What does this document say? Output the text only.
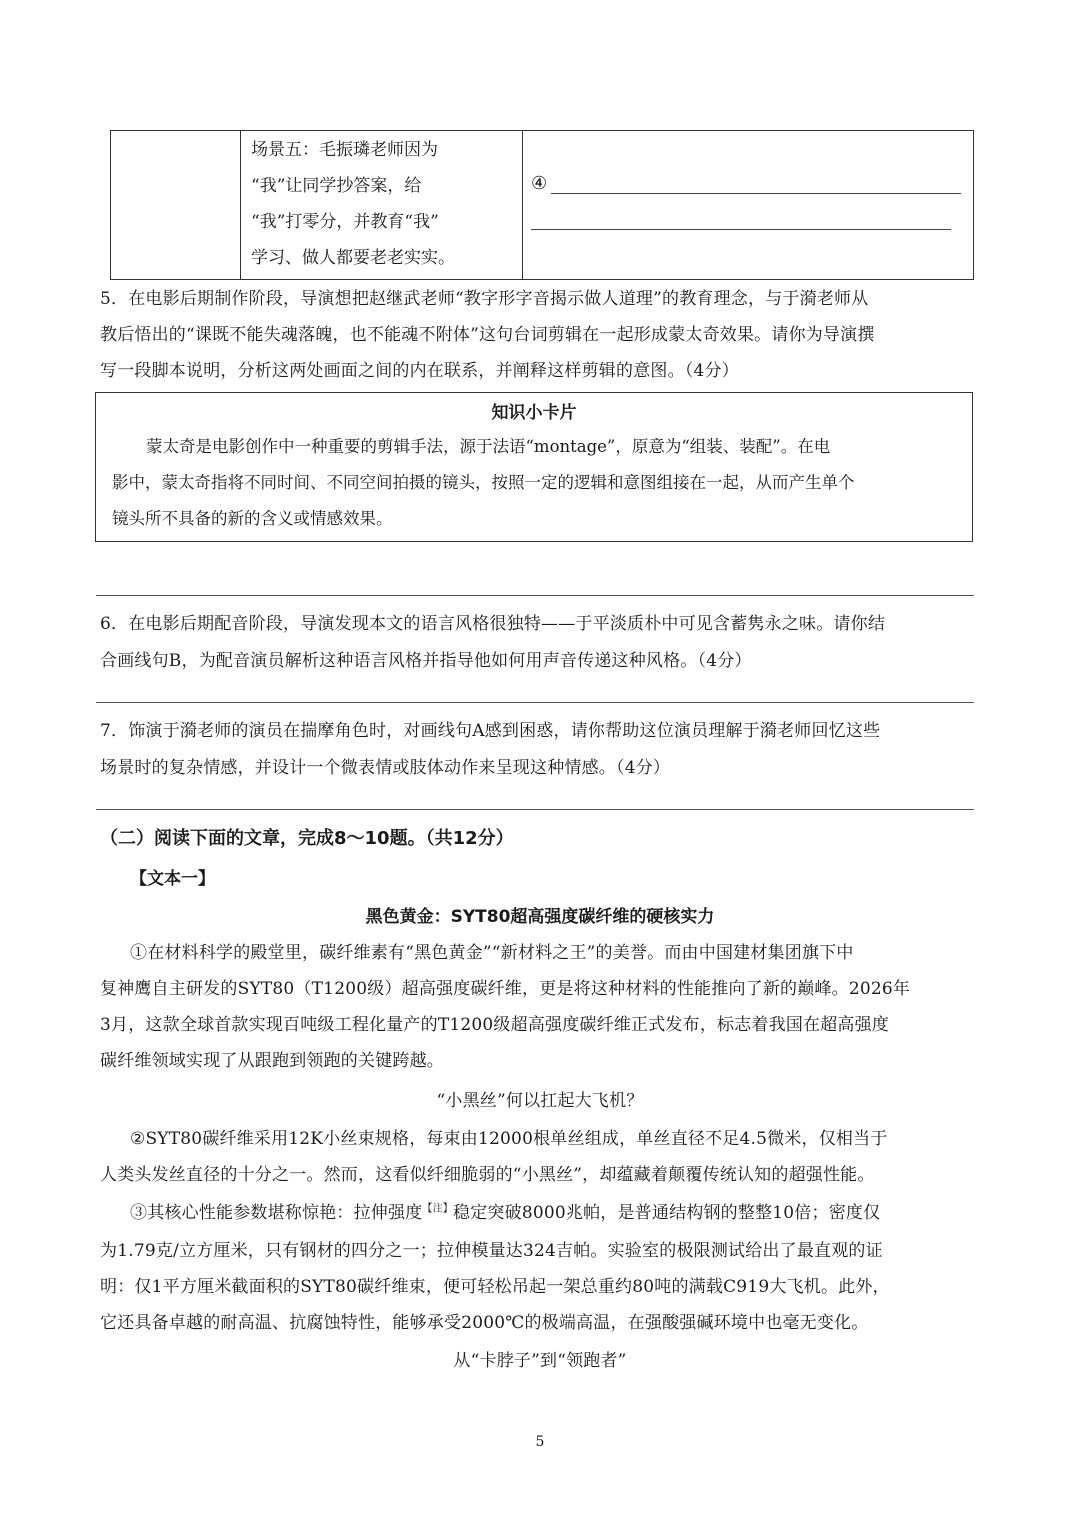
场景五：毛振璘老师因为
“我”让同学抄答案，给
“我”打零分，并教育“我”
学习、做人都要老老实实。
④
5．在电影后期制作阶段，导演想把赵继武老师“教字形字音揭示做人道理”的教育理念，与于漪老师从
教后悟出的“课既不能失魂落魄，也不能魂不附体”这句台词剪辑在一起形成蒙太奇效果。请你为导演撰
写一段脚本说明，分析这两处画面之间的内在联系，并阐释这样剪辑的意图。（4分）
知识小卡片
蒙太奇是电影创作中一种重要的剪辑手法，源于法语“montage”，原意为“组装、装配”。在电
影中，蒙太奇指将不同时间、不同空间拍摄的镜头，按照一定的逻辑和意图组接在一起，从而产生单个
镜头所不具备的新的含义或情感效果。
6．在电影后期配音阶段，导演发现本文的语言风格很独特——于平淡质朴中可见含蓄隽永之味。请你结
合画线句B，为配音演员解析这种语言风格并指导他如何用声音传递这种风格。（4分）
7．饰演于漪老师的演员在揣摩角色时，对画线句A感到困惑，请你帮助这位演员理解于漪老师回忆这些
场景时的复杂情感，并设计一个微表情或肢体动作来呈现这种情感。（4分）
（二）阅读下面的文章，完成8～10题。（共12分）
【文本一】
黑色黄金：SYT80超高强度碳纤维的硬核实力
①在材料科学的殿堂里，碳纤维素有“黑色黄金”“新材料之王”的美誉。而由中国建材集团旗下中
复神鹰自主研发的SYT80（T1200级）超高强度碳纤维，更是将这种材料的性能推向了新的巅峰。2026年
3月，这款全球首款实现百吨级工程化量产的T1200级超高强度碳纤维正式发布，标志着我国在超高强度
碳纤维领域实现了从跟跑到领跑的关键跨越。
“小黑丝”何以扛起大飞机？
②SYT80碳纤维采用12K小丝束规格，每束由12000根单丝组成，单丝直径不足4.5微米，仅相当于
人类头发丝直径的十分之一。然而，这看似纤细脆弱的“小黑丝”，却蕴藏着颠覆传统认知的超强性能。
③其核心性能参数堪称惊艳：拉伸强度$^{【注】}$稳定突破8000兆帕，是普通结构钢的整整10倍；密度仅
为1.79克/立方厘米，只有钢材的四分之一；拉伸模量达324吉帕。实验室的极限测试给出了最直观的证
明：仅1平方厘米截面积的SYT80碳纤维束，便可轻松吊起一架总重约80吨的满载C919大飞机。此外，
它还具备卓越的耐高温、抗腐蚀特性，能够承受2000℃的极端高温，在强酸强碱环境中也毫无变化。
从“卡脖子”到“领跑者”
5
